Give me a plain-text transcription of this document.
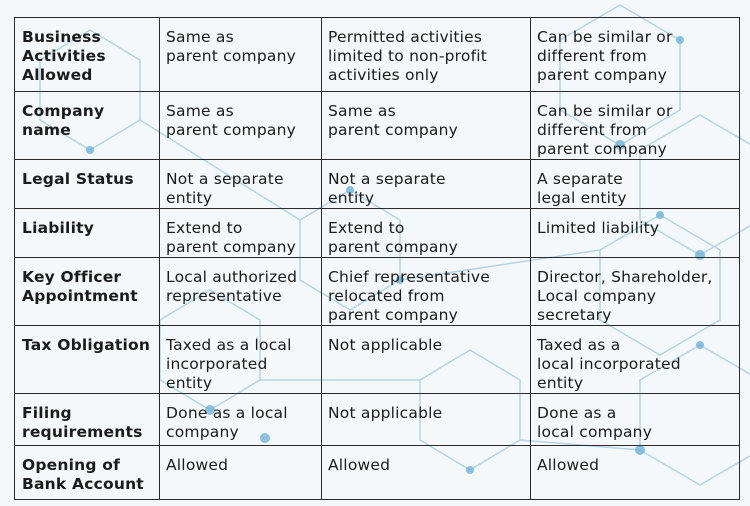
Business
Activities
Allowed	Same as
parent company	Permitted activities
limited to non-profit
activities only	Can be similar or
different from
parent company

Company
name	Same as
parent company	Same as
parent company	Can be similar or
different from
parent company

Legal Status	Not a separate
entity	Not a separate
entity	A separate
legal entity

Liability	Extend to
parent company	Extend to
parent company	Limited liability

Key Officer
Appointment	Local authorized
representative	Chief representative
relocated from
parent company	Director, Shareholder,
Local company
secretary

Tax Obligation	Taxed as a local
incorporated
entity	Not applicable	Taxed as a
local incorporated
entity

Filing
requirements	Done as a local
company	Not applicable	Done as a
local company

Opening of
Bank Account	Allowed	Allowed	Allowed
